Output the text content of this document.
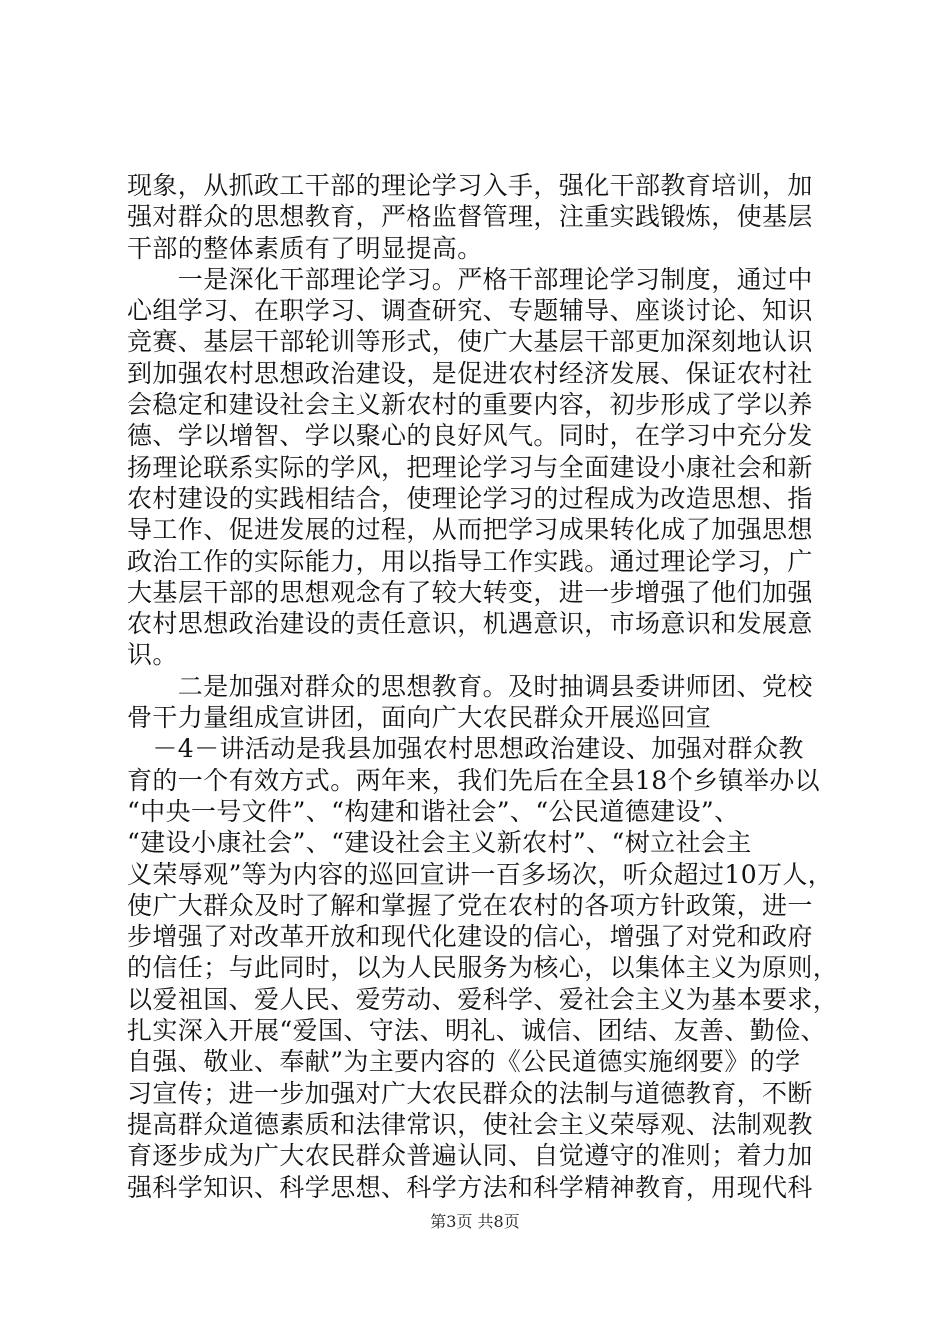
现象，从抓政工干部的理论学习入手，强化干部教育培训，加
强对群众的思想教育，严格监督管理，注重实践锻炼，使基层
干部的整体素质有了明显提高。
　　一是深化干部理论学习。严格干部理论学习制度，通过中
心组学习、在职学习、调查研究、专题辅导、座谈讨论、知识
竞赛、基层干部轮训等形式，使广大基层干部更加深刻地认识
到加强农村思想政治建设，是促进农村经济发展、保证农村社
会稳定和建设社会主义新农村的重要内容，初步形成了学以养
德、学以增智、学以聚心的良好风气。同时，在学习中充分发
扬理论联系实际的学风，把理论学习与全面建设小康社会和新
农村建设的实践相结合，使理论学习的过程成为改造思想、指
导工作、促进发展的过程，从而把学习成果转化成了加强思想
政治工作的实际能力，用以指导工作实践。通过理论学习，广
大基层干部的思想观念有了较大转变，进一步增强了他们加强
农村思想政治建设的责任意识，机遇意识，市场意识和发展意
识。
　　二是加强对群众的思想教育。及时抽调县委讲师团、党校
骨干力量组成宣讲团，面向广大农民群众开展巡回宣
　－4－讲活动是我县加强农村思想政治建设、加强对群众教
育的一个有效方式。两年来，我们先后在全县18个乡镇举办以
“中央一号文件”、“构建和谐社会”、“公民道德建设”、
“建设小康社会”、“建设社会主义新农村”、“树立社会主
义荣辱观”等为内容的巡回宣讲一百多场次，听众超过10万人，
使广大群众及时了解和掌握了党在农村的各项方针政策，进一
步增强了对改革开放和现代化建设的信心，增强了对党和政府
的信任；与此同时，以为人民服务为核心，以集体主义为原则，
以爱祖国、爱人民、爱劳动、爱科学、爱社会主义为基本要求，
扎实深入开展“爱国、守法、明礼、诚信、团结、友善、勤俭、
自强、敬业、奉献”为主要内容的《公民道德实施纲要》的学
习宣传；进一步加强对广大农民群众的法制与道德教育，不断
提高群众道德素质和法律常识，使社会主义荣辱观、法制观教
育逐步成为广大农民群众普遍认同、自觉遵守的准则；着力加
强科学知识、科学思想、科学方法和科学精神教育，用现代科
第3页 共8页
